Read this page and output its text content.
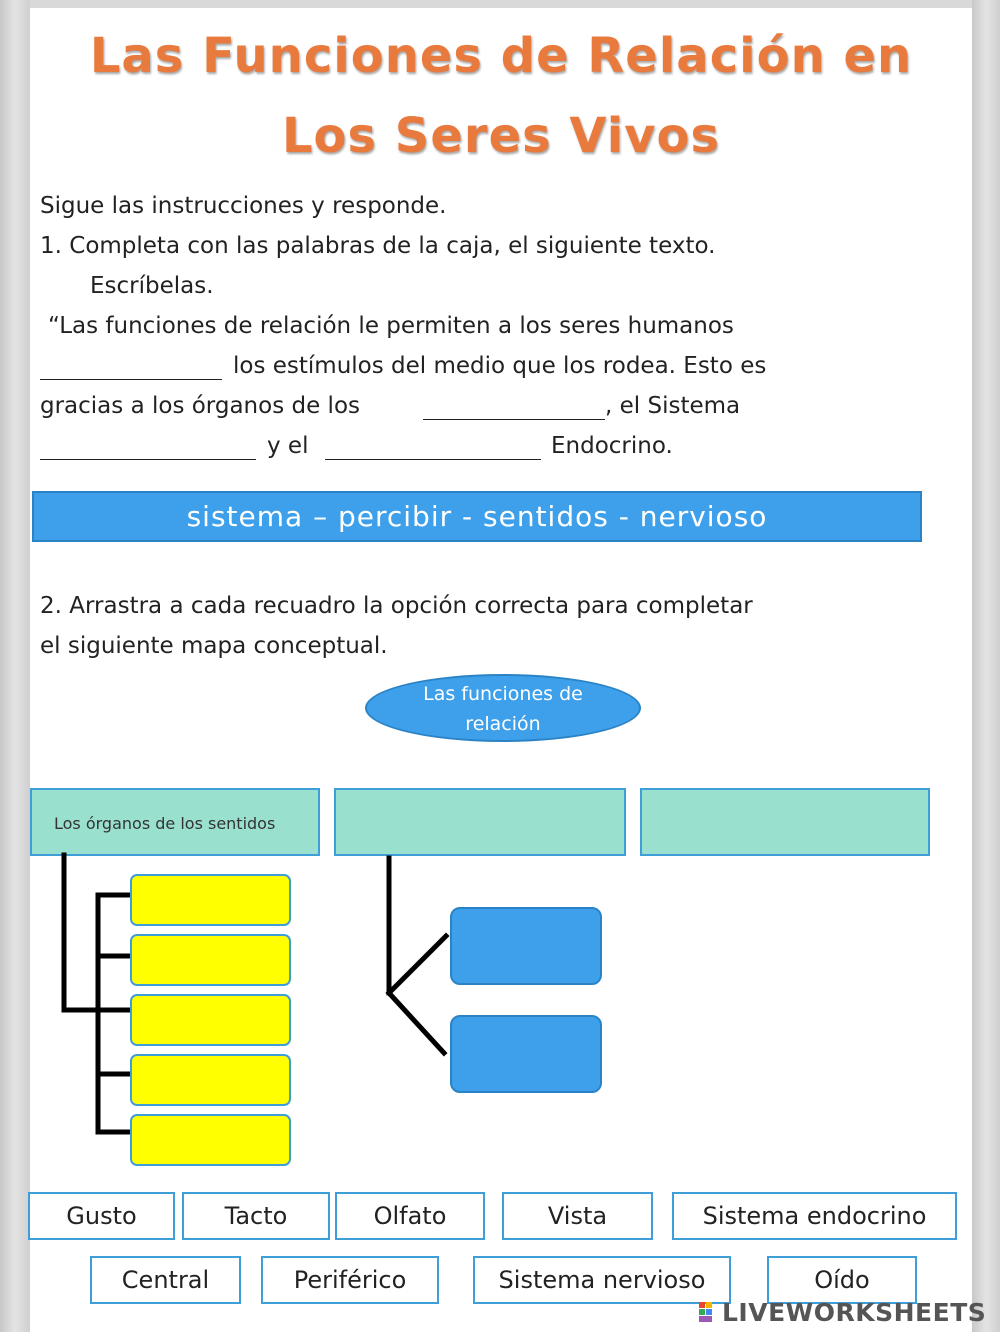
Las Funciones de Relación en
Los Seres Vivos
Sigue las instrucciones y responde.
1. Completa con las palabras de la caja, el siguiente texto.
Escríbelas.
“Las funciones de relación le permiten a los seres humanos
los estímulos del medio que los rodea. Esto es
gracias a los órganos de los	, el Sistema
y el	Endocrino.
sistema – percibir - sentidos - nervioso
2. Arrastra a cada recuadro la opción correcta para completar
el siguiente mapa conceptual.
Las funciones de
relación
Los órganos de los sentidos
Gusto	Tacto	Olfato	Vista	Sistema endocrino
Central	Periférico	Sistema nervioso	Oído
LIVEWORKSHEETS
